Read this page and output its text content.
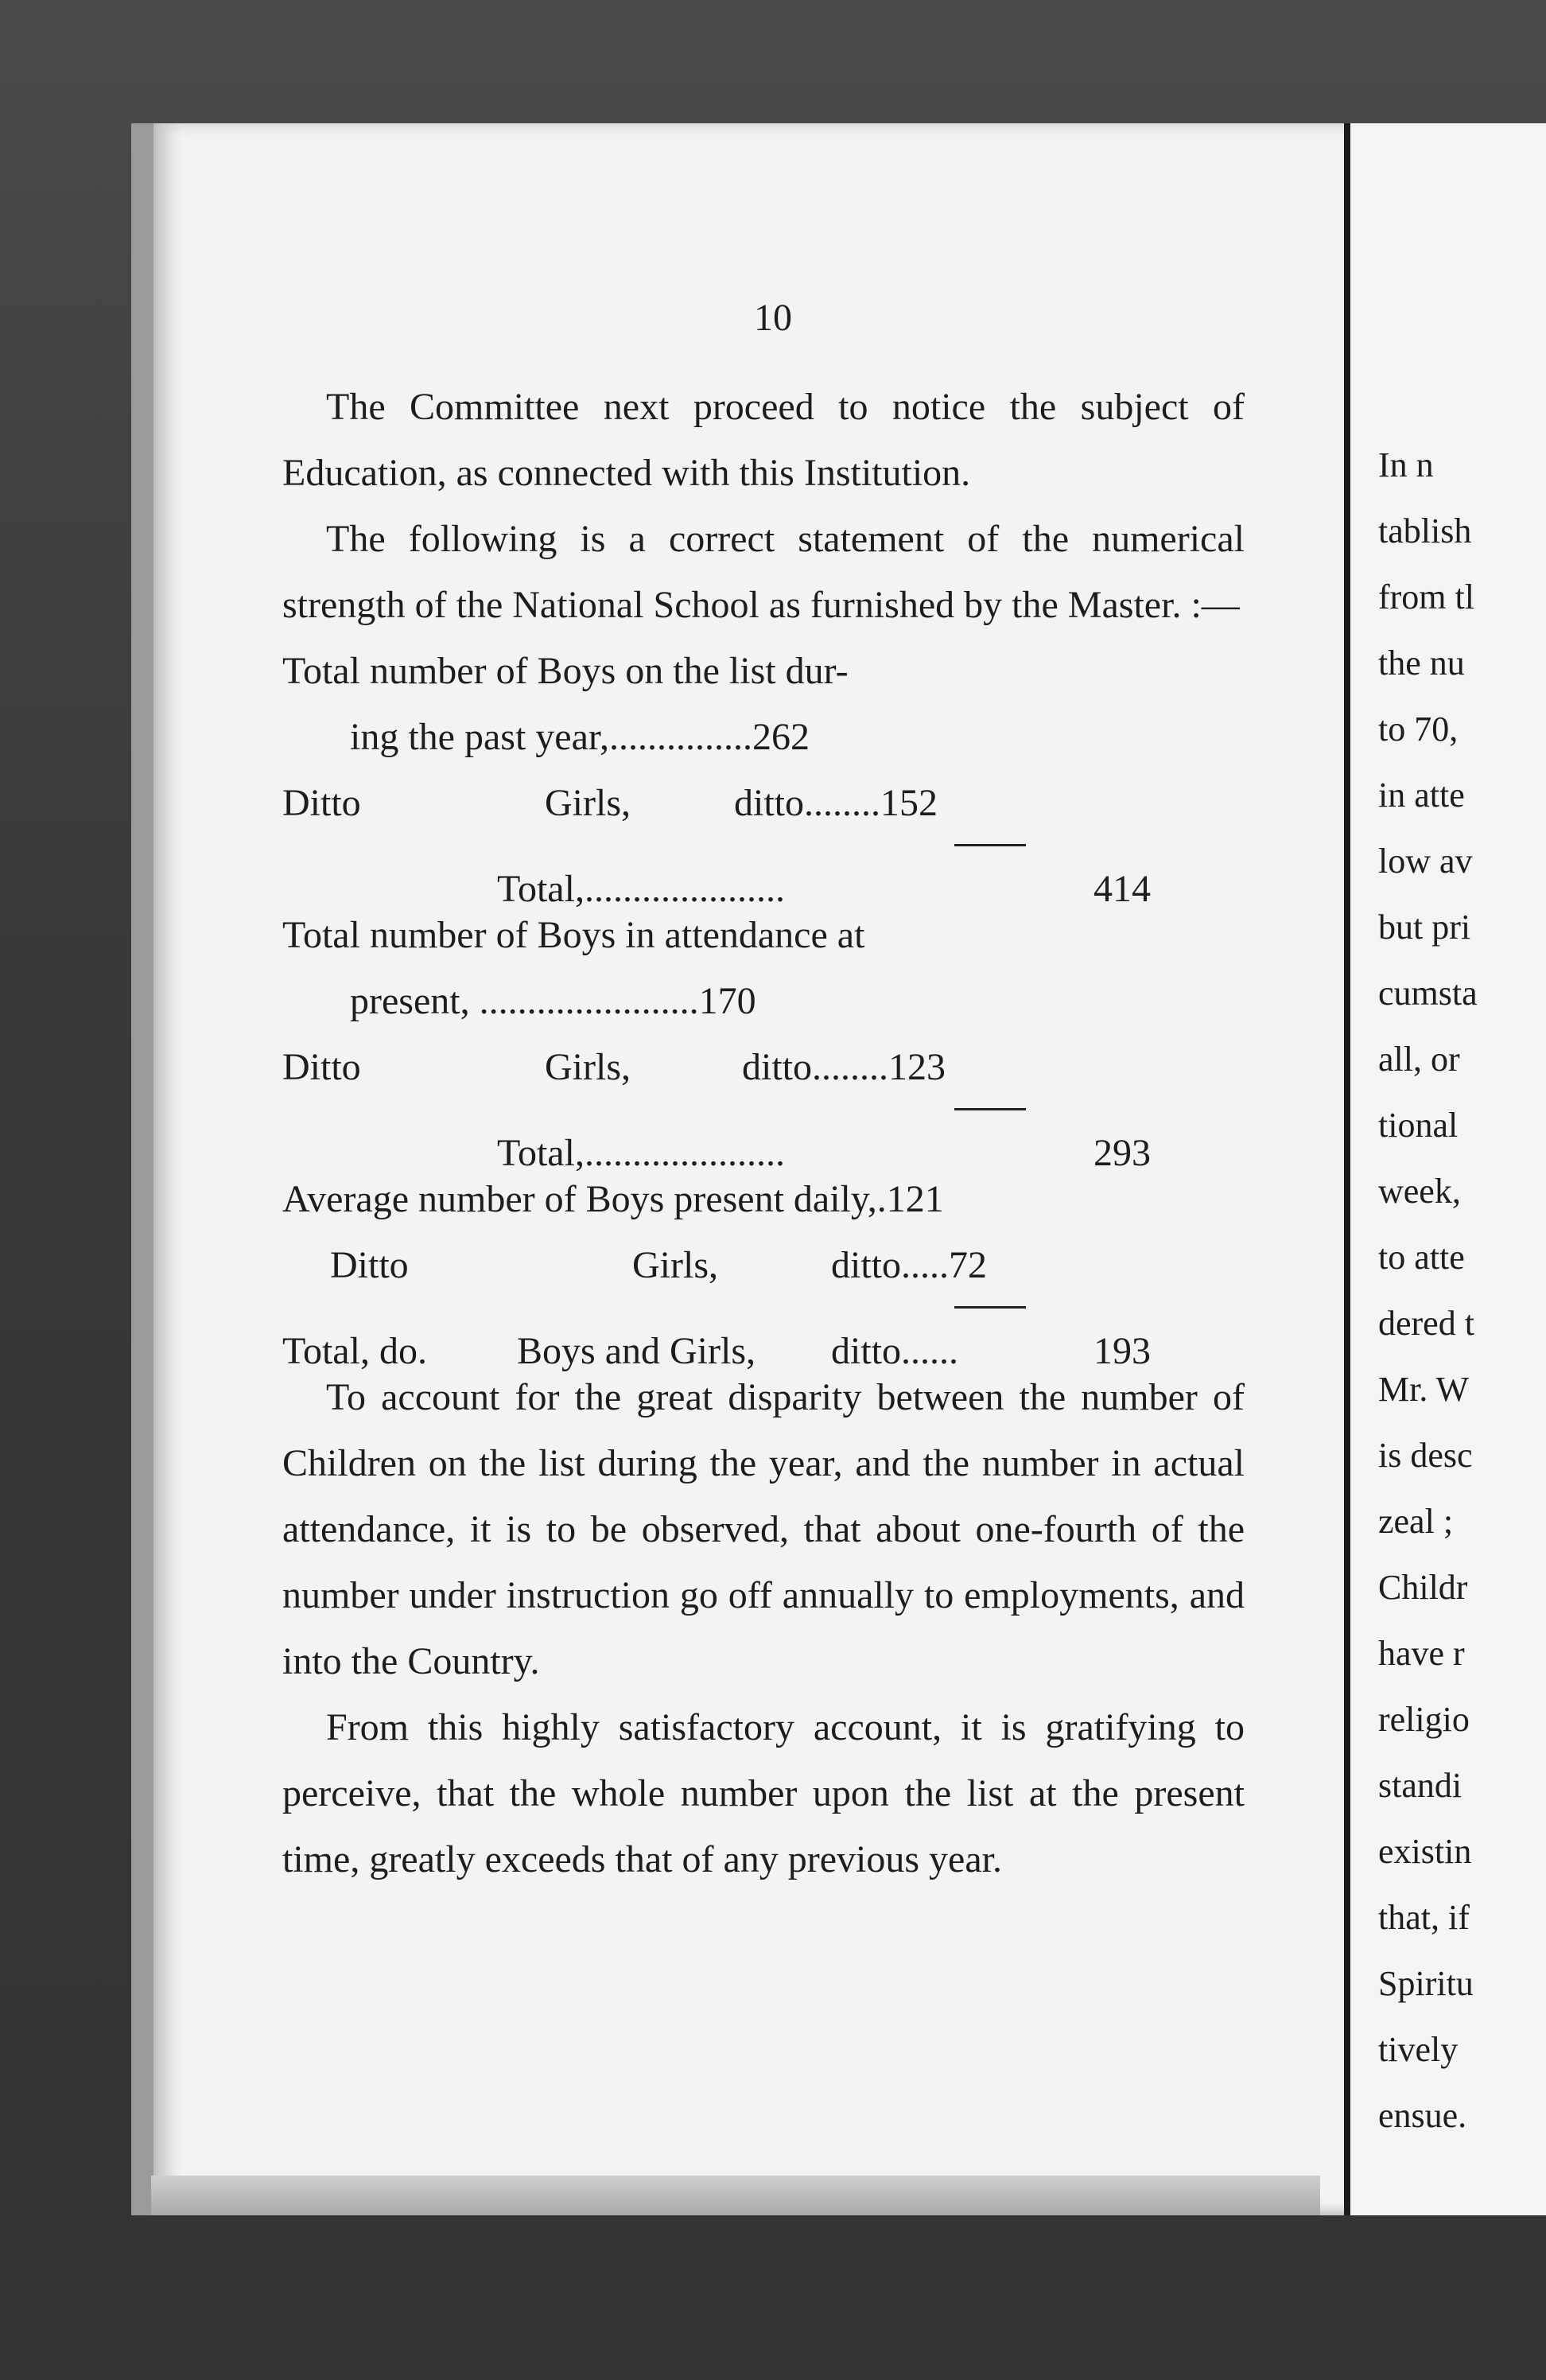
In n
tablish
from tl
the nu
to 70,
in atte
low av
but pri
cumsta
all, or
tional
week,
to atte
dered t
Mr. W
is desc
zeal ;
Childr
have r
religio
standi
existin
that, if
Spiritu
tively
ensue.
10

The Committee next proceed to notice the subject of Education, as connected with this Institution.

The following is a correct statement of the numerical strength of the National School as furnished by the Master. :—

Total number of Boys on the list dur-
ing the past year,...............262
Ditto	Girls,	ditto........152
Total,.....................	414
Total number of Boys in attendance at
present, .......................170
Ditto	Girls,	ditto........123
Total,.....................	293
Average number of Boys present daily,.121
Ditto	Girls,	ditto.....72
Total, do. Boys and Girls, ditto......	193

To account for the great disparity between the number of Children on the list during the year, and the number in actual attendance, it is to be observed, that about one-fourth of the number under instruction go off annually to employments, and into the Country.

From this highly satisfactory account, it is gratifying to perceive, that the whole number upon the list at the present time, greatly exceeds that of any previous year.
